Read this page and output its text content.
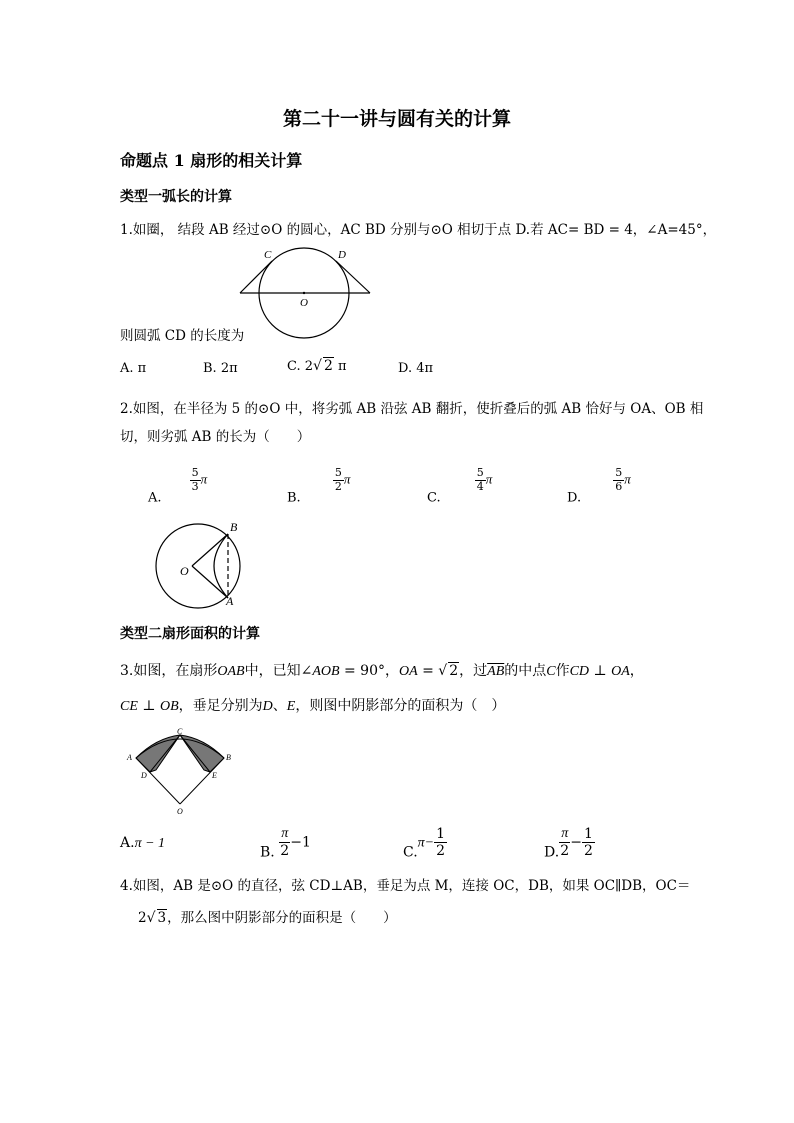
第二十一讲与圆有关的计算
命题点 1 扇形的相关计算
类型一弧长的计算
1.如圈， 结段 AB 经过⊙O 的圆心，AC BD 分别与⊙O 相切于点 D.若 AC= BD = 4，∠A=45°，
C	D
O
则圆弧 CD 的长度为
A. π	B. 2π	C. 2√ 2 π	D. 4π
2.如图，在半径为 5 的⊙O 中，将劣弧 AB 沿弦 AB 翻折，使折叠后的弧 AB 恰好与 OA、OB 相
切，则劣弧 AB 的长为（　　）
A.
$\frac{5}{3}$ π
B.
$\frac{5}{2}$ π
C.
$\frac{5}{4}$ π
D.
$\frac{5}{6}$ π
B
O
A
类型二扇形面积的计算
3.如图，在扇形OAB中，已知∠AOB = 90°，OA = √ 2，过$\overline{AB}$的中点C作CD ⊥ OA，
CE ⊥ OB，垂足分别为D、E，则图中阴影部分的面积为（　）
A
C
B
D	E
O
A.π − 1
B. $\frac{\pi}{2} -1$
$C.\pi- \frac{1}{2}$	D. $\frac{\pi}{2} - \frac{1}{2}$
4.如图，AB 是⊙O 的直径，弦 CD⊥AB，垂足为点 M，连接 OC，DB，如果 OC∥DB，OC＝
2√ 3，那么图中阴影部分的面积是（　　）
